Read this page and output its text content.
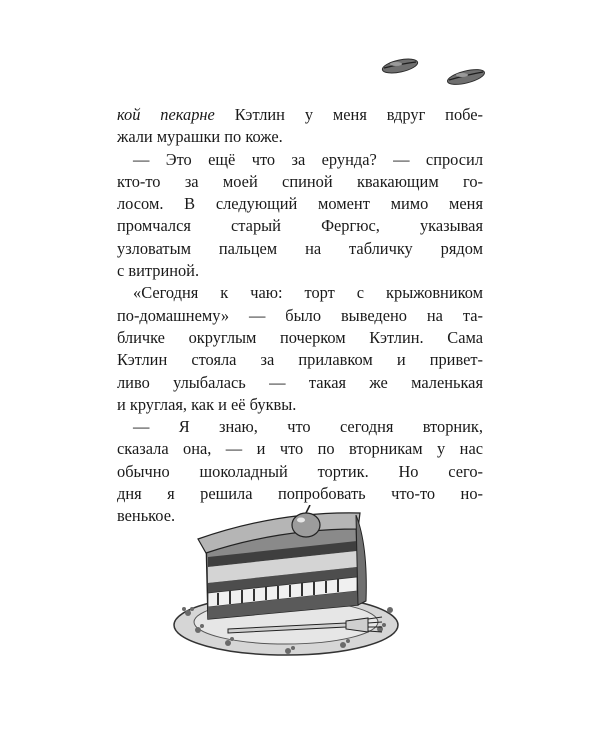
кой пекарне Кэтлин у меня вдруг побе-
жали мурашки по коже.
— Это ещё что за ерунда? — спросил
кто-то за моей спиной квакающим го-
лосом. В следующий момент мимо меня
промчался старый Фергюс, указывая
узловатым пальцем на табличку рядом
с витриной.
«Сегодня к чаю: торт с крыжовником
по-домашнему» — было выведено на та-
бличке округлым почерком Кэтлин. Сама
Кэтлин стояла за прилавком и привет-
ливо улыбалась — такая же маленькая
и круглая, как и её буквы.
— Я знаю, что сегодня вторник,
сказала она, — и что по вторникам у нас
обычно шоколадный тортик. Но сего-
дня я решила попробовать что-то но-
венькое.
